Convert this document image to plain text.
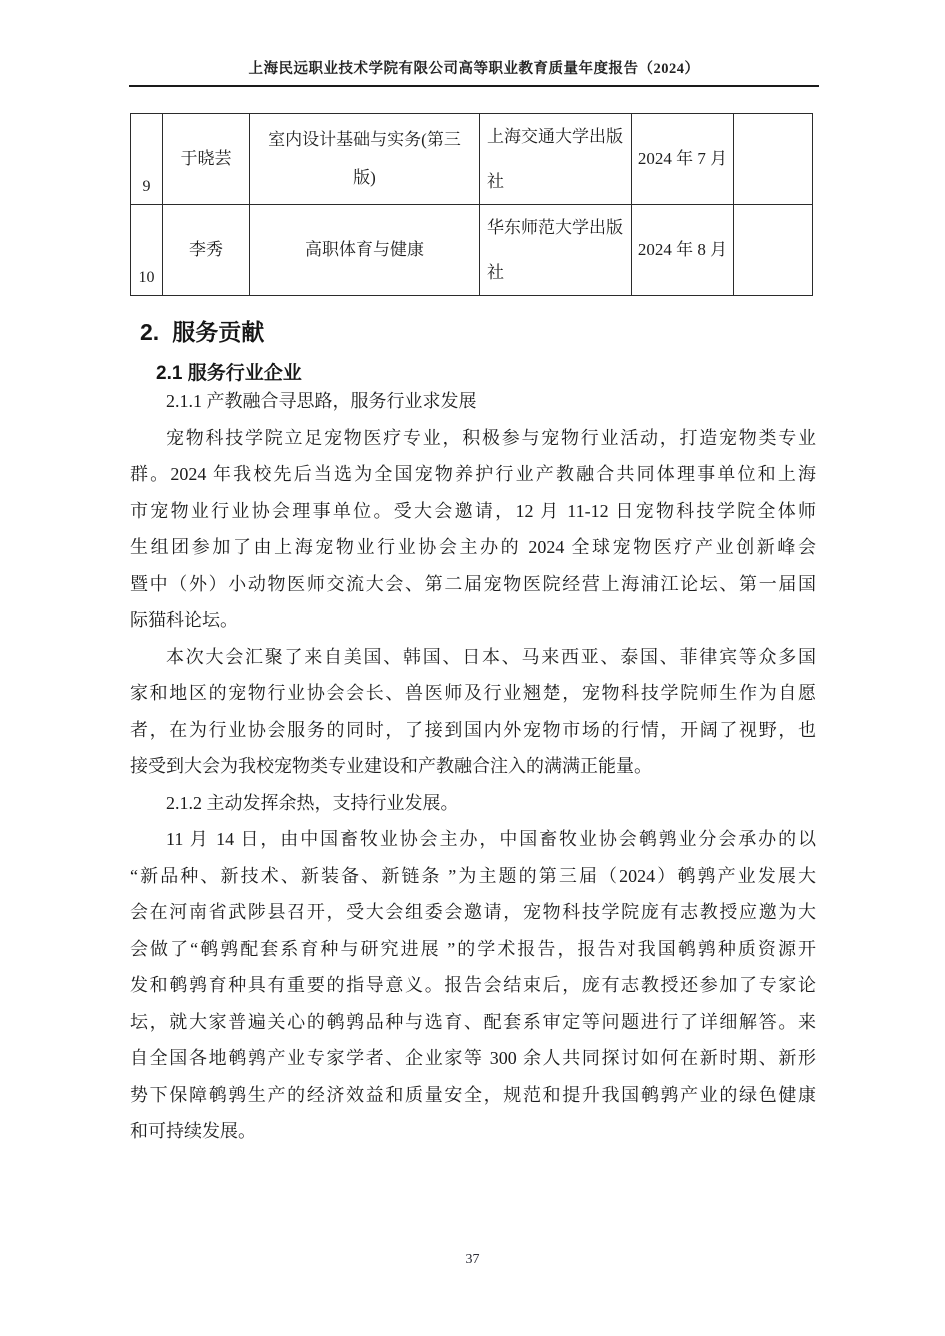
上海民远职业技术学院有限公司高等职业教育质量年度报告（2024）
9	于晓芸	室内设计基础与实务(第三版)	上海交通大学出版社	2024 年 7 月	
10	李秀	高职体育与健康	华东师范大学出版社	2024 年 8 月	
2. 服务贡献
2.1 服务行业企业
2.1.1 产教融合寻思路，服务行业求发展
宠物科技学院立足宠物医疗专业，积极参与宠物行业活动，打造宠物类专业
群。2024 年我校先后当选为全国宠物养护行业产教融合共同体理事单位和上海
市宠物业行业协会理事单位。受大会邀请，12 月 11-12 日宠物科技学院全体师
生组团参加了由上海宠物业行业协会主办的 2024 全球宠物医疗产业创新峰会
暨中（外）小动物医师交流大会、第二届宠物医院经营上海浦江论坛、第一届国
际猫科论坛。
本次大会汇聚了来自美国、韩国、日本、马来西亚、泰国、菲律宾等众多国
家和地区的宠物行业协会会长、兽医师及行业翘楚，宠物科技学院师生作为自愿
者，在为行业协会服务的同时，了接到国内外宠物市场的行情，开阔了视野，也
接受到大会为我校宠物类专业建设和产教融合注入的满满正能量。
2.1.2 主动发挥余热，支持行业发展。
11 月 14 日，由中国畜牧业协会主办，中国畜牧业协会鹌鹑业分会承办的以
“新品种、新技术、新装备、新链条 ”为主题的第三届（2024）鹌鹑产业发展大
会在河南省武陟县召开，受大会组委会邀请，宠物科技学院庞有志教授应邀为大
会做了“鹌鹑配套系育种与研究进展 ”的学术报告，报告对我国鹌鹑种质资源开
发和鹌鹑育种具有重要的指导意义。报告会结束后，庞有志教授还参加了专家论
坛，就大家普遍关心的鹌鹑品种与选育、配套系审定等问题进行了详细解答。来
自全国各地鹌鹑产业专家学者、企业家等 300 余人共同探讨如何在新时期、新形
势下保障鹌鹑生产的经济效益和质量安全，规范和提升我国鹌鹑产业的绿色健康
和可持续发展。
37
